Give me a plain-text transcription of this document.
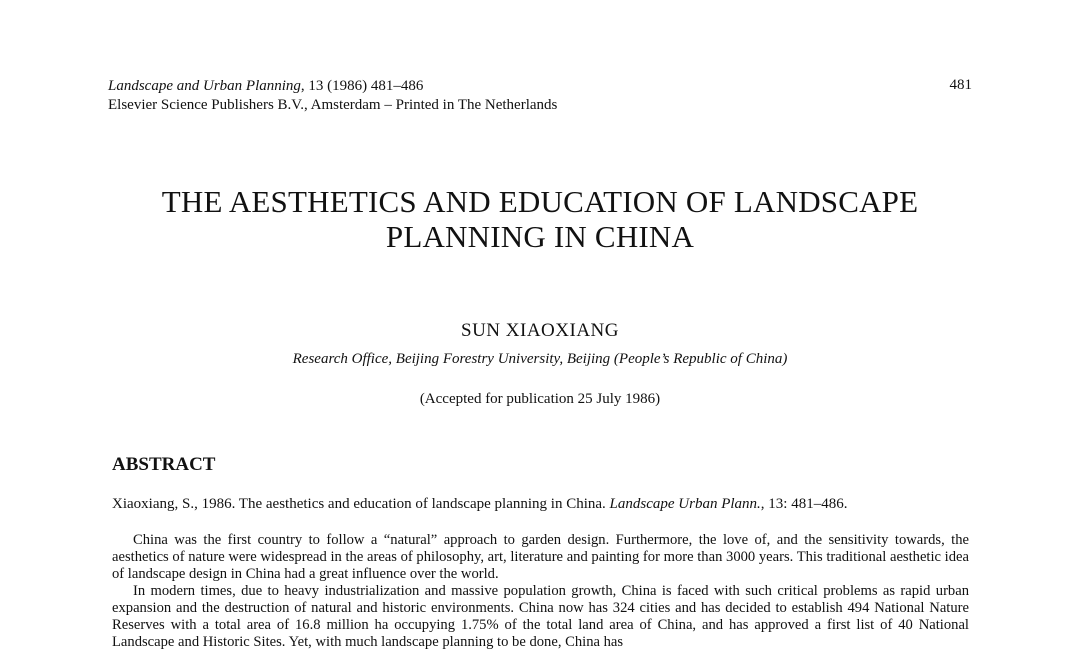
Landscape and Urban Planning, 13 (1986) 481–486
Elsevier Science Publishers B.V., Amsterdam – Printed in The Netherlands
481
THE AESTHETICS AND EDUCATION OF LANDSCAPE
PLANNING IN CHINA
SUN XIAOXIANG
Research Office, Beijing Forestry University, Beijing (People’s Republic of China)
(Accepted for publication 25 July 1986)
ABSTRACT
Xiaoxiang, S., 1986. The aesthetics and education of landscape planning in China. Landscape Urban Plann., 13: 481–486.

China was the first country to follow a “natural” approach to garden design. Furthermore, the love of, and the sensitivity towards, the aesthetics of nature were widespread in the areas of philosophy, art, literature and painting for more than 3000 years. This traditional aesthetic idea of landscape design in China had a great influence over the world.

In modern times, due to heavy industrialization and massive population growth, China is faced with such critical problems as rapid urban expansion and the destruction of natural and historic environments. China now has 324 cities and has decided to establish 494 National Nature Reserves with a total area of 16.8 million ha occupying 1.75% of the total land area of China, and has approved a first list of 40 National Landscape and Historic Sites. Yet, with much landscape planning to be done, China has
